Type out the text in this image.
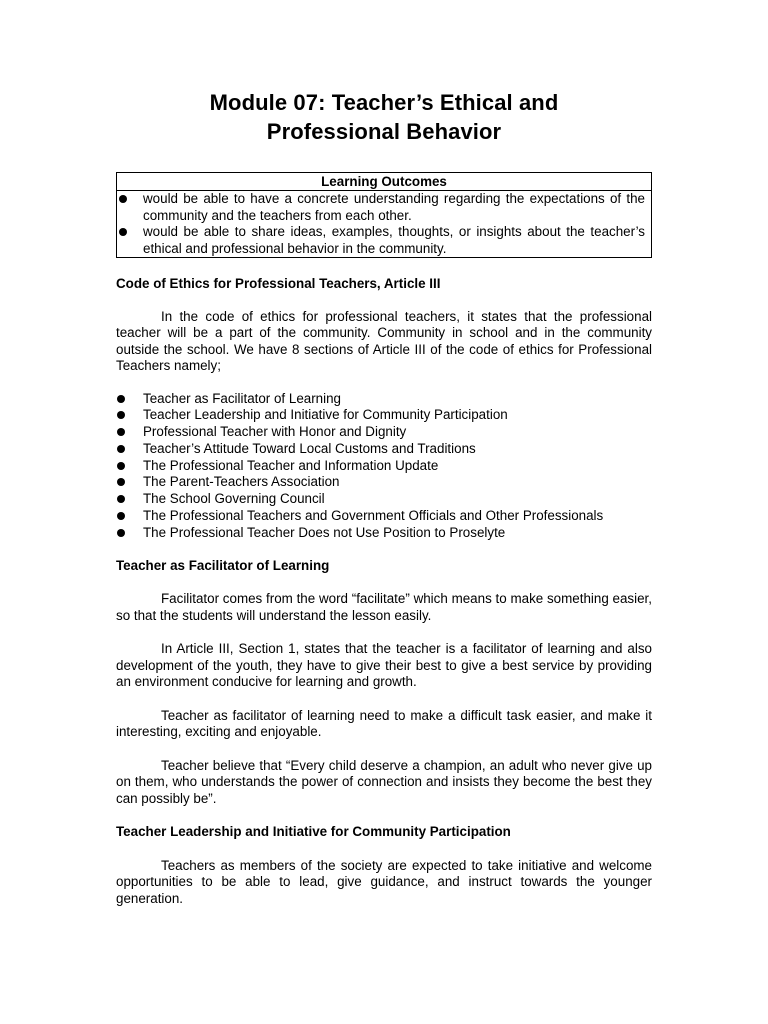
Module 07: Teacher’s Ethical and
Professional Behavior
Learning Outcomes
would be able to have a concrete understanding regarding the expectations of the community and the teachers from each other.
would be able to share ideas, examples, thoughts, or insights about the teacher’s ethical and professional behavior in the community.

Code of Ethics for Professional Teachers, Article III

In the code of ethics for professional teachers, it states that the professional teacher will be a part of the community. Community in school and in the community outside the school. We have 8 sections of Article III of the code of ethics for Professional Teachers namely;

Teacher as Facilitator of Learning
Teacher Leadership and Initiative for Community Participation
Professional Teacher with Honor and Dignity
Teacher’s Attitude Toward Local Customs and Traditions
The Professional Teacher and Information Update
The Parent-Teachers Association
The School Governing Council
The Professional Teachers and Government Officials and Other Professionals
The Professional Teacher Does not Use Position to Proselyte

Teacher as Facilitator of Learning

Facilitator comes from the word “facilitate” which means to make something easier, so that the students will understand the lesson easily.

In Article III, Section 1, states that the teacher is a facilitator of learning and also development of the youth, they have to give their best to give a best service by providing an environment conducive for learning and growth.

Teacher as facilitator of learning need to make a difficult task easier, and make it interesting, exciting and enjoyable.

Teacher believe that “Every child deserve a champion, an adult who never give up on them, who understands the power of connection and insists they become the best they can possibly be”.

Teacher Leadership and Initiative for Community Participation

Teachers as members of the society are expected to take initiative and welcome opportunities to be able to lead, give guidance, and instruct towards the younger generation.
